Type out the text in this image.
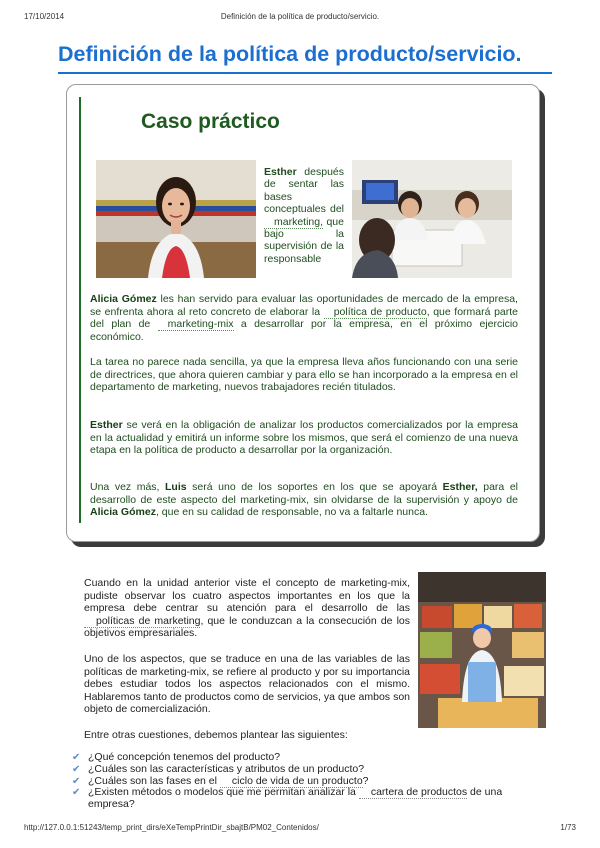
17/10/2014	Definición de la política de producto/servicio.
Definición de la política de producto/servicio.
Caso práctico
Esther después de sentar las bases conceptuales del marketing, que bajo la supervisión de la responsable

Alicia Gómez les han servido para evaluar las oportunidades de mercado de la empresa, se enfrenta ahora al reto concreto de elaborar la política de producto, que formará parte del plan de marketing-mix a desarrollar por la empresa, en el próximo ejercicio económico.

La tarea no parece nada sencilla, ya que la empresa lleva años funcionando con una serie de directrices, que ahora quieren cambiar y para ello se han incorporado a la empresa en el departamento de marketing, nuevos trabajadores recién titulados.

Esther se verá en la obligación de analizar los productos comercializados por la empresa en la actualidad y emitirá un informe sobre los mismos, que será el comienzo de una nueva etapa en la política de producto a desarrollar por la organización.

Una vez más, Luis será uno de los soportes en los que se apoyará Esther, para el desarrollo de este aspecto del marketing-mix, sin olvidarse de la supervisión y apoyo de Alicia Gómez, que en su calidad de responsable, no va a faltarle nunca.

Cuando en la unidad anterior viste el concepto de marketing-mix, pudiste observar los cuatro aspectos importantes en los que la empresa debe centrar su atención para el desarrollo de las políticas de marketing, que le conduzcan a la consecución de los objetivos empresariales.

Uno de los aspectos, que se traduce en una de las variables de las políticas de marketing-mix, se refiere al producto y por su importancia debes estudiar todos los aspectos relacionados con el mismo. Hablaremos tanto de productos como de servicios, ya que ambos son objeto de comercialización.

Entre otras cuestiones, debemos plantear las siguientes:

✔ ¿Qué concepción tenemos del producto?
✔ ¿Cuáles son las características y atributos de un producto?
✔ ¿Cuáles son las fases en el ciclo de vida de un producto?
✔ ¿Existen métodos o modelos que me permitan analizar la cartera de productos de una empresa?
http://127.0.0.1:51243/temp_print_dirs/eXeTempPrintDir_sbajtB/PM02_Contenidos/	1/73
